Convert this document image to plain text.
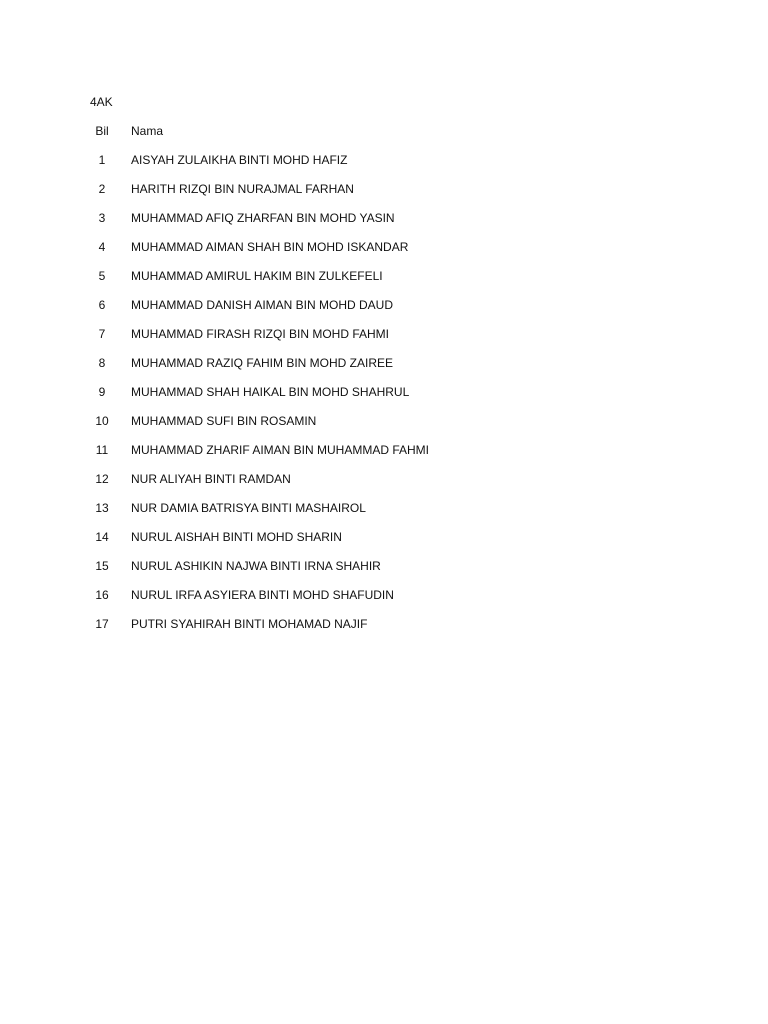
4AK
Bil	Nama
1	AISYAH ZULAIKHA BINTI MOHD HAFIZ
2	HARITH RIZQI BIN NURAJMAL FARHAN
3	MUHAMMAD AFIQ ZHARFAN BIN MOHD YASIN
4	MUHAMMAD AIMAN SHAH BIN MOHD ISKANDAR
5	MUHAMMAD AMIRUL HAKIM BIN ZULKEFELI
6	MUHAMMAD DANISH AIMAN BIN MOHD DAUD
7	MUHAMMAD FIRASH RIZQI BIN MOHD FAHMI
8	MUHAMMAD RAZIQ FAHIM BIN MOHD ZAIREE
9	MUHAMMAD SHAH HAIKAL BIN MOHD SHAHRUL
10	MUHAMMAD SUFI BIN ROSAMIN
11	MUHAMMAD ZHARIF AIMAN BIN MUHAMMAD FAHMI
12	NUR ALIYAH BINTI RAMDAN
13	NUR DAMIA BATRISYA BINTI MASHAIROL
14	NURUL AISHAH BINTI MOHD SHARIN
15	NURUL ASHIKIN NAJWA BINTI IRNA SHAHIR
16	NURUL IRFA ASYIERA BINTI MOHD SHAFUDIN
17	PUTRI SYAHIRAH BINTI MOHAMAD NAJIF
